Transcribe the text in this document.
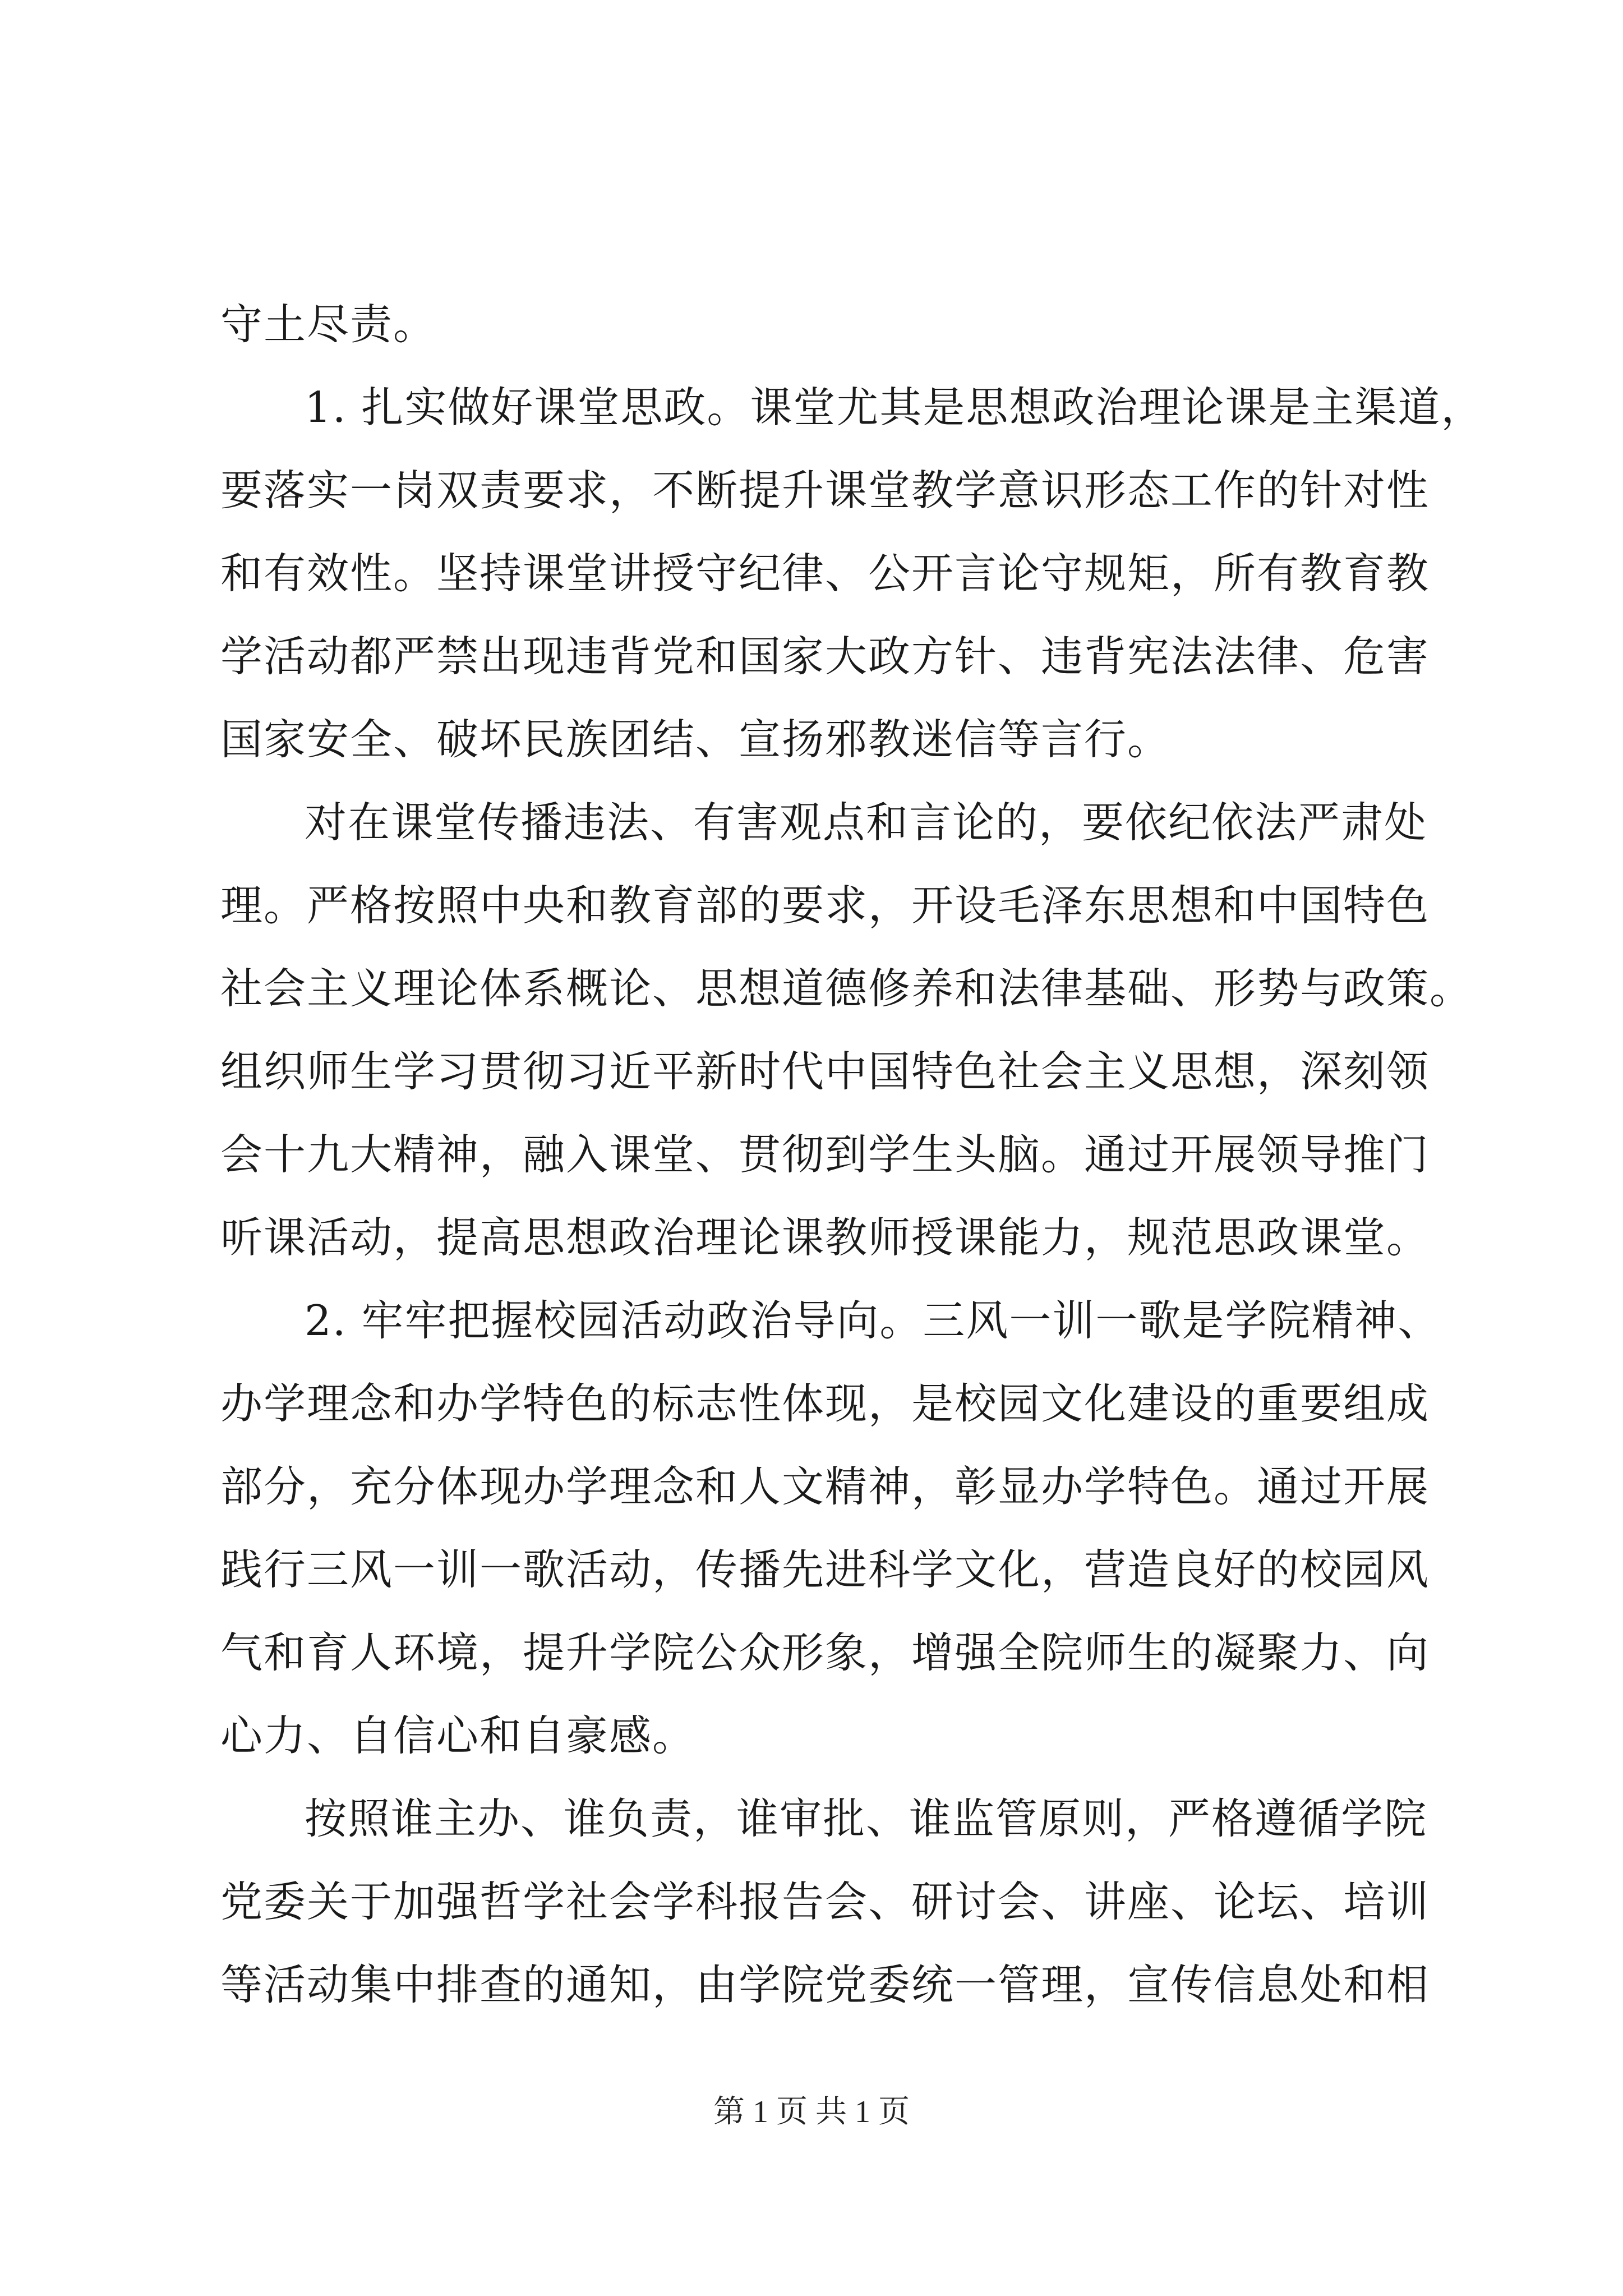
守土尽责。
1. 扎实做好课堂思政。课堂尤其是思想政治理论课是主渠道，
要落实一岗双责要求，不断提升课堂教学意识形态工作的针对性
和有效性。坚持课堂讲授守纪律、公开言论守规矩，所有教育教
学活动都严禁出现违背党和国家大政方针、违背宪法法律、危害
国家安全、破坏民族团结、宣扬邪教迷信等言行。
对在课堂传播违法、有害观点和言论的，要依纪依法严肃处
理。严格按照中央和教育部的要求，开设毛泽东思想和中国特色
社会主义理论体系概论、思想道德修养和法律基础、形势与政策。
组织师生学习贯彻习近平新时代中国特色社会主义思想，深刻领
会十九大精神，融入课堂、贯彻到学生头脑。通过开展领导推门
听课活动，提高思想政治理论课教师授课能力，规范思政课堂。
2. 牢牢把握校园活动政治导向。三风一训一歌是学院精神、
办学理念和办学特色的标志性体现，是校园文化建设的重要组成
部分，充分体现办学理念和人文精神，彰显办学特色。通过开展
践行三风一训一歌活动，传播先进科学文化，营造良好的校园风
气和育人环境，提升学院公众形象，增强全院师生的凝聚力、向
心力、自信心和自豪感。
按照谁主办、谁负责，谁审批、谁监管原则，严格遵循学院
党委关于加强哲学社会学科报告会、研讨会、讲座、论坛、培训
等活动集中排查的通知，由学院党委统一管理，宣传信息处和相
第 1 页 共 1 页
